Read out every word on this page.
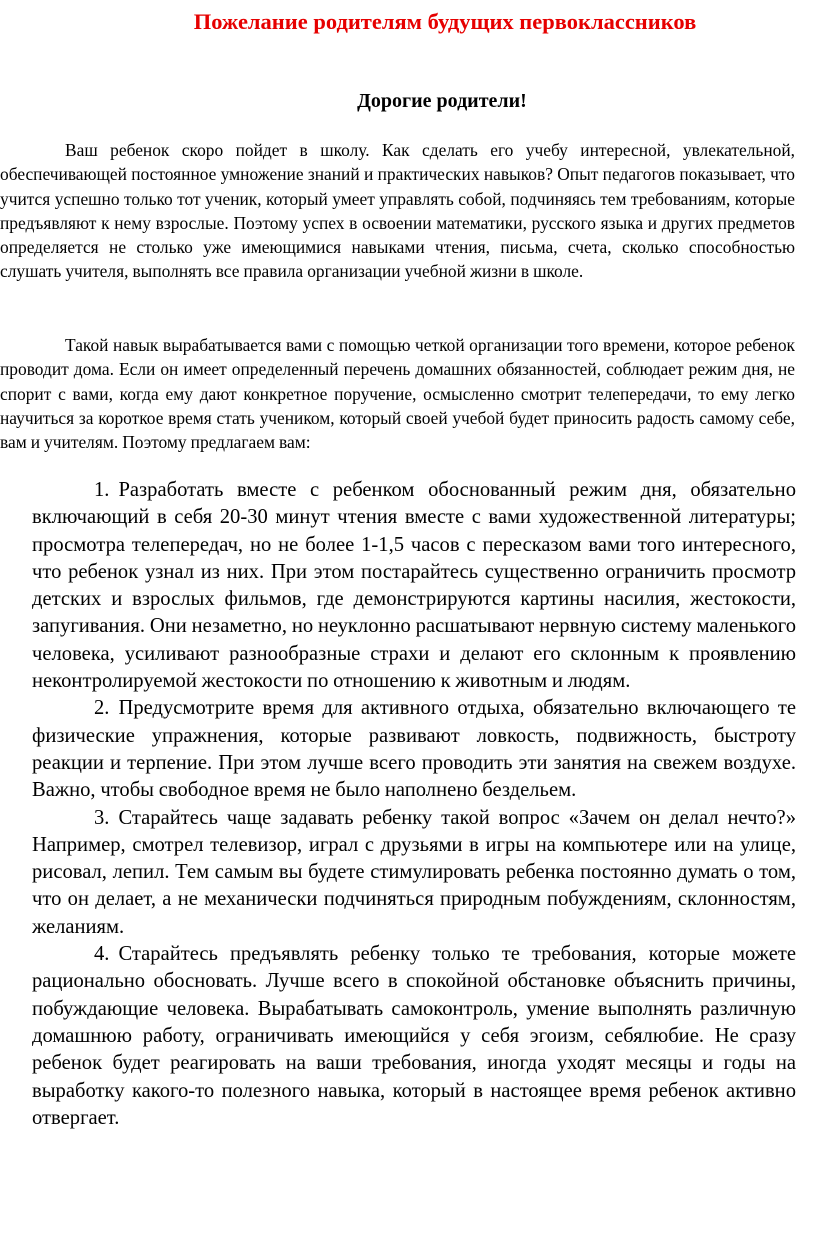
Пожелание родителям будущих первоклассников
Дорогие родители!

Ваш ребенок скоро пойдет в школу. Как сделать его учебу интересной, увлекательной, обеспечивающей постоянное умножение знаний и практических навыков? Опыт педагогов показывает, что учится успешно только тот ученик, который умеет управлять собой, подчиняясь тем требованиям, которые предъявляют к нему взрослые. Поэтому успех в освоении математики, русского языка и других предметов определяется не столько уже имеющимися навыками чтения, письма, счета, сколько способностью слушать учителя, выполнять все правила организации учебной жизни в школе.

Такой навык вырабатывается вами с помощью четкой организации того времени, которое ребенок проводит дома. Если он имеет определенный перечень домашних обязанностей, соблюдает режим дня, не спорит с вами, когда ему дают конкретное поручение, осмысленно смотрит телепередачи, то ему легко научиться за короткое время стать учеником, который своей учебой будет приносить радость самому себе, вам и учителям. Поэтому предлагаем вам:

1. Разработать вместе с ребенком обоснованный режим дня, обязательно включающий в себя 20-30 минут чтения вместе с вами художественной литературы; просмотра телепередач, но не более 1-1,5 часов с пересказом вами того интересного, что ребенок узнал из них. При этом постарайтесь существенно ограничить просмотр детских и взрослых фильмов, где демонстрируются картины насилия, жестокости, запугивания. Они незаметно, но неуклонно расшатывают нервную систему маленького человека, усиливают разнообразные страхи и делают его склонным к проявлению неконтролируемой жестокости по отношению к животным и людям.
2. Предусмотрите время для активного отдыха, обязательно включающего те физические упражнения, которые развивают ловкость, подвижность, быстроту реакции и терпение. При этом лучше всего проводить эти занятия на свежем воздухе. Важно, чтобы свободное время не было наполнено бездельем.
3. Старайтесь чаще задавать ребенку такой вопрос «Зачем он делал нечто?» Например, смотрел телевизор, играл с друзьями в игры на компьютере или на улице, рисовал, лепил. Тем самым вы будете стимулировать ребенка постоянно думать о том, что он делает, а не механически подчиняться природным побуждениям, склонностям, желаниям.
4. Старайтесь предъявлять ребенку только те требования, которые можете рационально обосновать. Лучше всего в спокойной обстановке объяснить причины, побуждающие человека. Вырабатывать самоконтроль, умение выполнять различную домашнюю работу, ограничивать имеющийся у себя эгоизм, себялюбие. Не сразу ребенок будет реагировать на ваши требования, иногда уходят месяцы и годы на выработку какого-то полезного навыка, который в настоящее время ребенок активно отвергает.
